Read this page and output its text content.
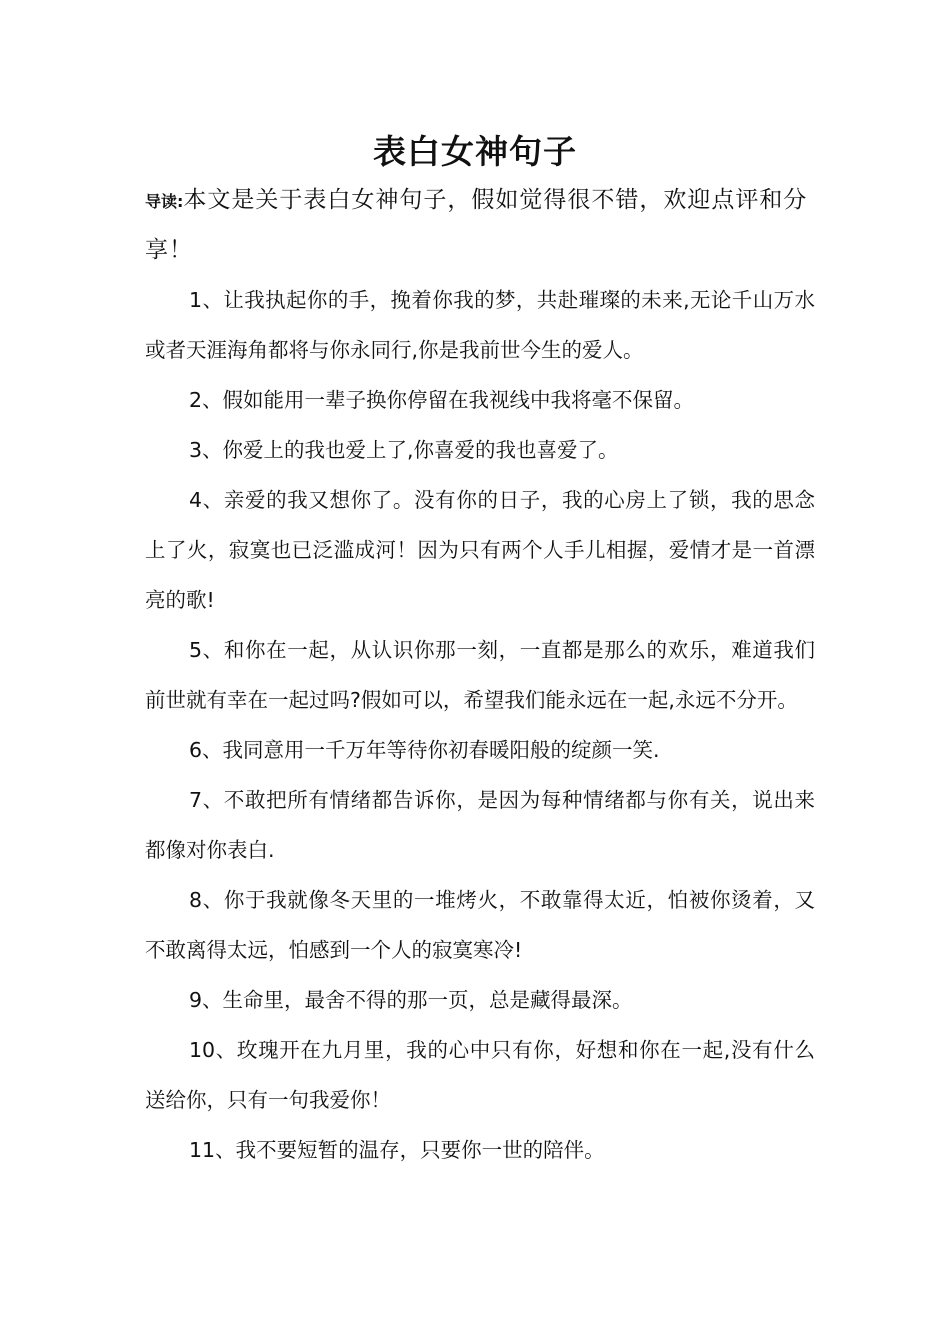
表白女神句子
导读:本文是关于表白女神句子，假如觉得很不错，欢迎点评和分享！

1、让我执起你的手，挽着你我的梦，共赴璀璨的未来,无论千山万水或者天涯海角都将与你永同行,你是我前世今生的爱人。

2、假如能用一辈子换你停留在我视线中我将毫不保留。

3、你爱上的我也爱上了,你喜爱的我也喜爱了。

4、亲爱的我又想你了。没有你的日子，我的心房上了锁，我的思念上了火，寂寞也已泛滥成河！因为只有两个人手儿相握，爱情才是一首漂亮的歌!

5、和你在一起，从认识你那一刻，一直都是那么的欢乐，难道我们前世就有幸在一起过吗?假如可以，希望我们能永远在一起,永远不分开。

6、我同意用一千万年等待你初春暖阳般的绽颜一笑.

7、不敢把所有情绪都告诉你，是因为每种情绪都与你有关，说出来都像对你表白.

8、你于我就像冬天里的一堆烤火，不敢靠得太近，怕被你烫着，又不敢离得太远，怕感到一个人的寂寞寒冷!

9、生命里，最舍不得的那一页，总是藏得最深。

10、玫瑰开在九月里，我的心中只有你，好想和你在一起,没有什么送给你，只有一句我爱你！

11、我不要短暂的温存，只要你一世的陪伴。
